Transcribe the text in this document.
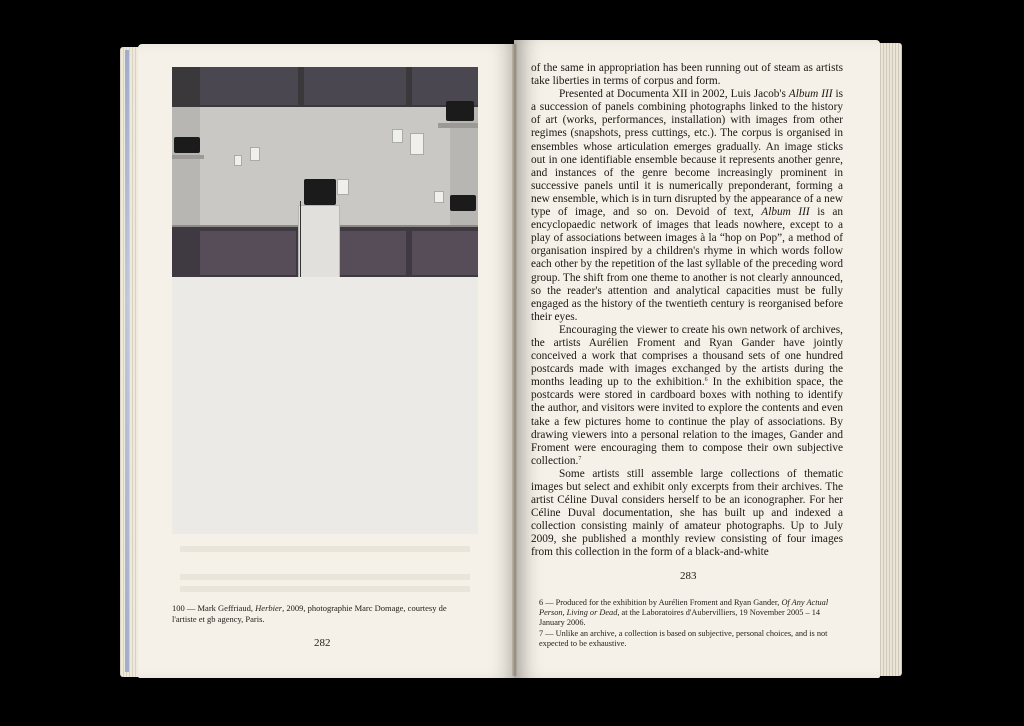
100 — Mark Geffriaud, Herbier, 2009, photographie Marc Domage, courtesy de l'artiste et gb agency, Paris.
282

of the same in appropriation has been running out of steam as artists take liberties in terms of corpus and form.

Presented at Documenta XII in 2002, Luis Jacob's Album III is a succession of panels combining photographs linked to the history of art (works, performances, installation) with images from other regimes (snapshots, press cuttings, etc.). The corpus is organised in ensembles whose articulation emerges gradually. An image sticks out in one identifiable ensemble because it represents another genre, and instances of the genre become increasingly prominent in successive panels until it is numerically preponderant, forming a new ensemble, which is in turn disrupted by the appearance of a new type of image, and so on. Devoid of text, Album III is an encyclopaedic network of images that leads nowhere, except to a play of associations between images à la “hop on Pop”, a method of organisation inspired by a children's rhyme in which words follow each other by the repetition of the last syllable of the preceding word group. The shift from one theme to another is not clearly announced, so the reader's attention and analytical capacities must be fully engaged as the history of the twentieth century is reorganised before their eyes.

Encouraging the viewer to create his own network of archives, the artists Aurélien Froment and Ryan Gander have jointly conceived a work that comprises a thousand sets of one hundred postcards made with images exchanged by the artists during the months leading up to the exhibition.$^6$ In the exhibition space, the postcards were stored in cardboard boxes with nothing to identify the author, and visitors were invited to explore the contents and even take a few pictures home to continue the play of associations. By drawing viewers into a personal relation to the images, Gander and Froment were encouraging them to compose their own subjective collection.$^7$

Some artists still assemble large collections of thematic images but select and exhibit only excerpts from their archives. The artist Céline Duval considers herself to be an iconographer. For her Céline Duval documentation, she has built up and indexed a collection consisting mainly of amateur photographs. Up to July 2009, she published a monthly review consisting of four images from this collection in the form of a black-and-white

283

6 — Produced for the exhibition by Aurélien Froment and Ryan Gander, Of Any Actual Person, Living or Dead, at the Laboratoires d'Aubervilliers, 19 November 2005 – 14 January 2006.

7 — Unlike an archive, a collection is based on subjective, personal choices, and is not expected to be exhaustive.
